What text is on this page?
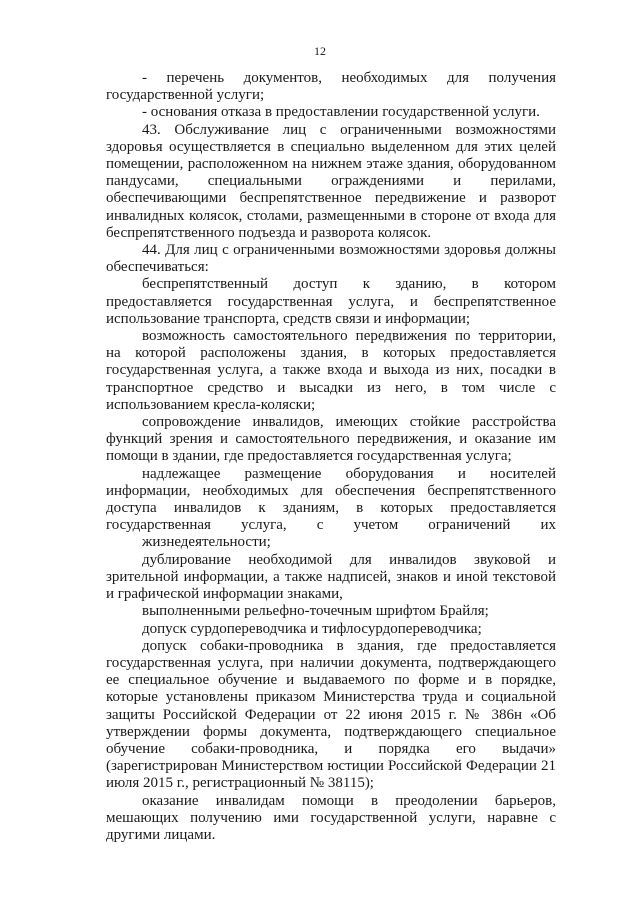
12

- перечень документов, необходимых для получения государственной услуги;

- основания отказа в предоставлении государственной услуги.

43. Обслуживание лиц с ограниченными возможностями здоровья осуществляется в специально выделенном для этих целей помещении, расположенном на нижнем этаже здания, оборудованном пандусами, специальными ограждениями и перилами, обеспечивающими беспрепятственное передвижение и разворот инвалидных колясок, столами, размещенными в стороне от входа для беспрепятственного подъезда и разворота колясок.

44. Для лиц с ограниченными возможностями здоровья должны обеспечиваться:

беспрепятственный доступ к зданию, в котором предоставляется государственная услуга, и беспрепятственное использование транспорта, средств связи и информации;

возможность самостоятельного передвижения по территории, на которой расположены здания, в которых предоставляется государственная услуга, а также входа и выхода из них, посадки в транспортное средство и высадки из него, в том числе с использованием кресла-коляски;

сопровождение инвалидов, имеющих стойкие расстройства функций зрения и самостоятельного передвижения, и оказание им помощи в здании, где предоставляется государственная услуга;

надлежащее размещение оборудования и носителей информации, необходимых для обеспечения беспрепятственного доступа инвалидов к зданиям, в которых предоставляется государственная услуга, с учетом ограничений их

жизнедеятельности;

дублирование необходимой для инвалидов звуковой и зрительной информации, а также надписей, знаков и иной текстовой и графической информации знаками,

выполненными рельефно-точечным шрифтом Брайля;

допуск сурдопереводчика и тифлосурдопереводчика;

допуск собаки-проводника в здания, где предоставляется государственная услуга, при наличии документа, подтверждающего ее специальное обучение и выдаваемого по форме и в порядке, которые установлены приказом Министерства труда и социальной защиты Российской Федерации от 22 июня 2015 г. № 386н «Об утверждении формы документа, подтверждающего специальное обучение собаки-проводника, и порядка его выдачи» (зарегистрирован Министерством юстиции Российской Федерации 21 июля 2015 г., регистрационный № 38115);

оказание инвалидам помощи в преодолении барьеров, мешающих получению ими государственной услуги, наравне с другими лицами.
